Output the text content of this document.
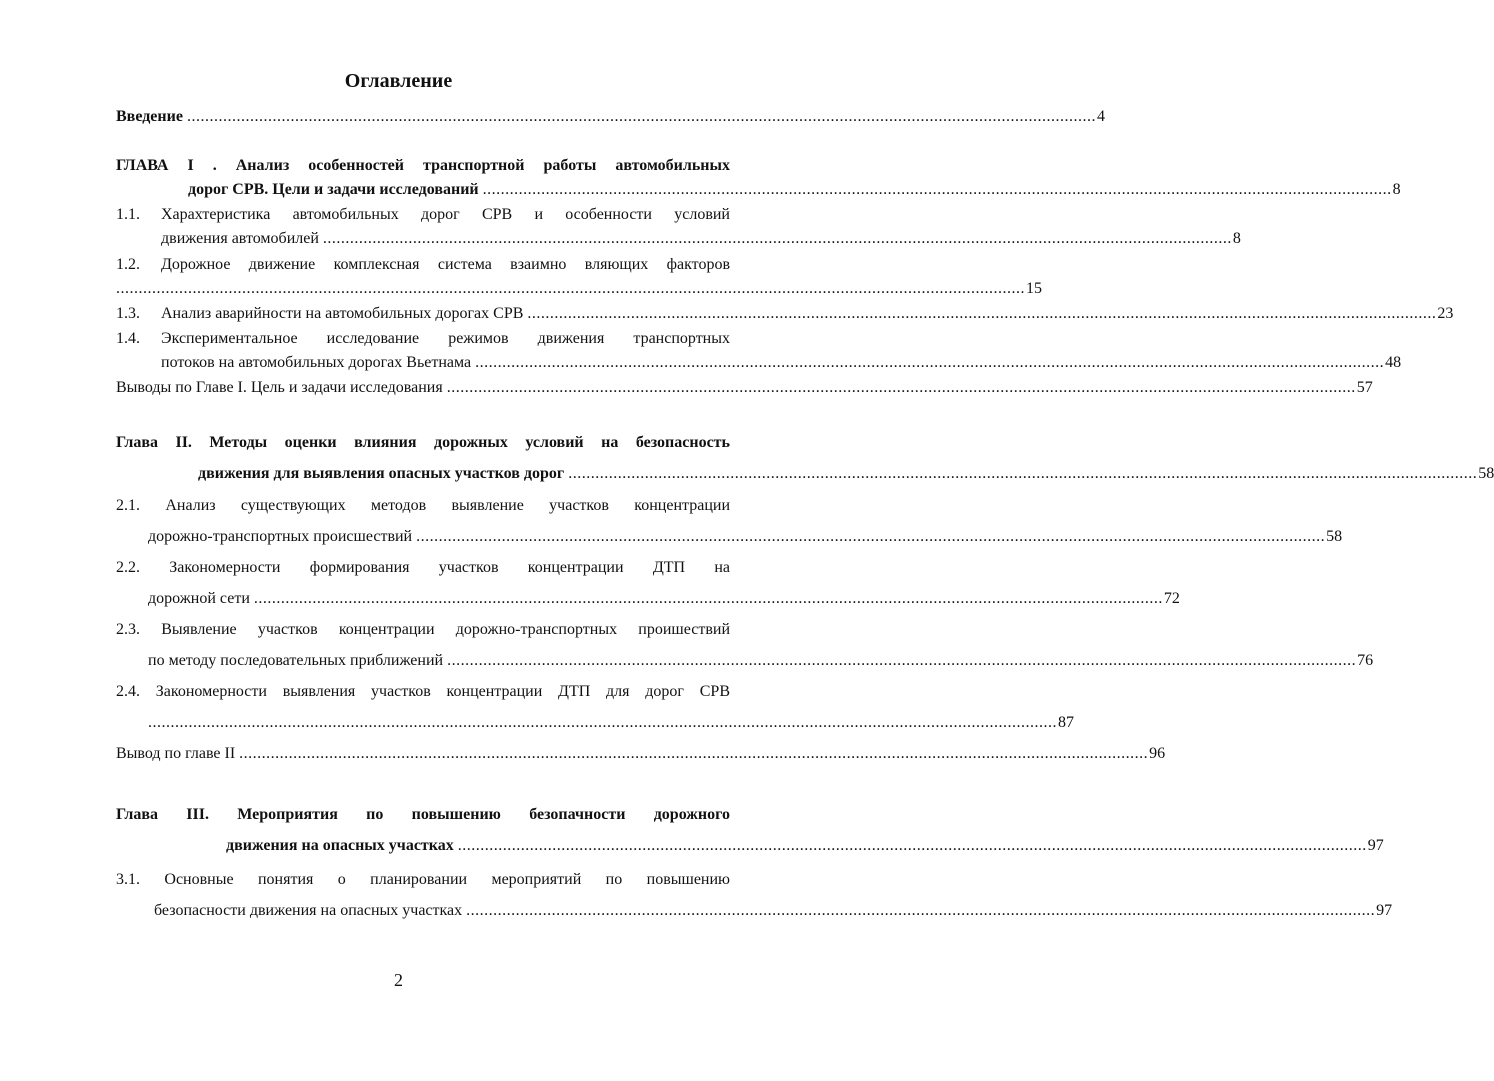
Оглавление
Введение .......................................................................................................................................................................................................... 4
ГЛАВА I . Анализ особенностей транспортной работы автомобильных
дорог СРВ. Цели и задачи исследований .......................................................................................................................................................................................................... 8
1.1. Харахтеристика автомобильных дорог СРВ и особенности условий
движения автомобилей .......................................................................................................................................................................................................... 8
1.2. Дорожное движение комплексная система взаимно вляющих факторов
.......................................................................................................................................................................................................... 15
1.3. Анализ аварийности на автомобильных дорогах СРВ .......................................................................................................................................................................................................... 23
1.4. Экспериментальное исследование режимов движения транспортных
потоков на автомобильных дорогах Вьетнама .......................................................................................................................................................................................................... 48
Выводы по Главе I. Цель и задачи исследования .......................................................................................................................................................................................................... 57
Глава II. Методы оценки влияния дорожных условий на безопасность
движения для выявления опасных участков дорог .......................................................................................................................................................................................................... 58
2.1. Анализ существующих методов выявление участков концентрации
дорожно-транспортных происшествий .......................................................................................................................................................................................................... 58
2.2. Закономерности формирования участков концентрации ДТП на
дорожной сети .......................................................................................................................................................................................................... 72
2.3. Выявление участков концентрации дорожно-транспортных проишествий
по методу последовательных приближений .......................................................................................................................................................................................................... 76
2.4. Закономерности выявления участков концентрации ДТП для дорог СРВ
.......................................................................................................................................................................................................... 87
Вывод по главе II .......................................................................................................................................................................................................... 96
Глава III. Мероприятия по повышению безопачности дорожного
движения на опасных участках .......................................................................................................................................................................................................... 97
3.1. Основные понятия о планировании мероприятий по повышению
безопасности движения на опасных участках .......................................................................................................................................................................................................... 97
2
